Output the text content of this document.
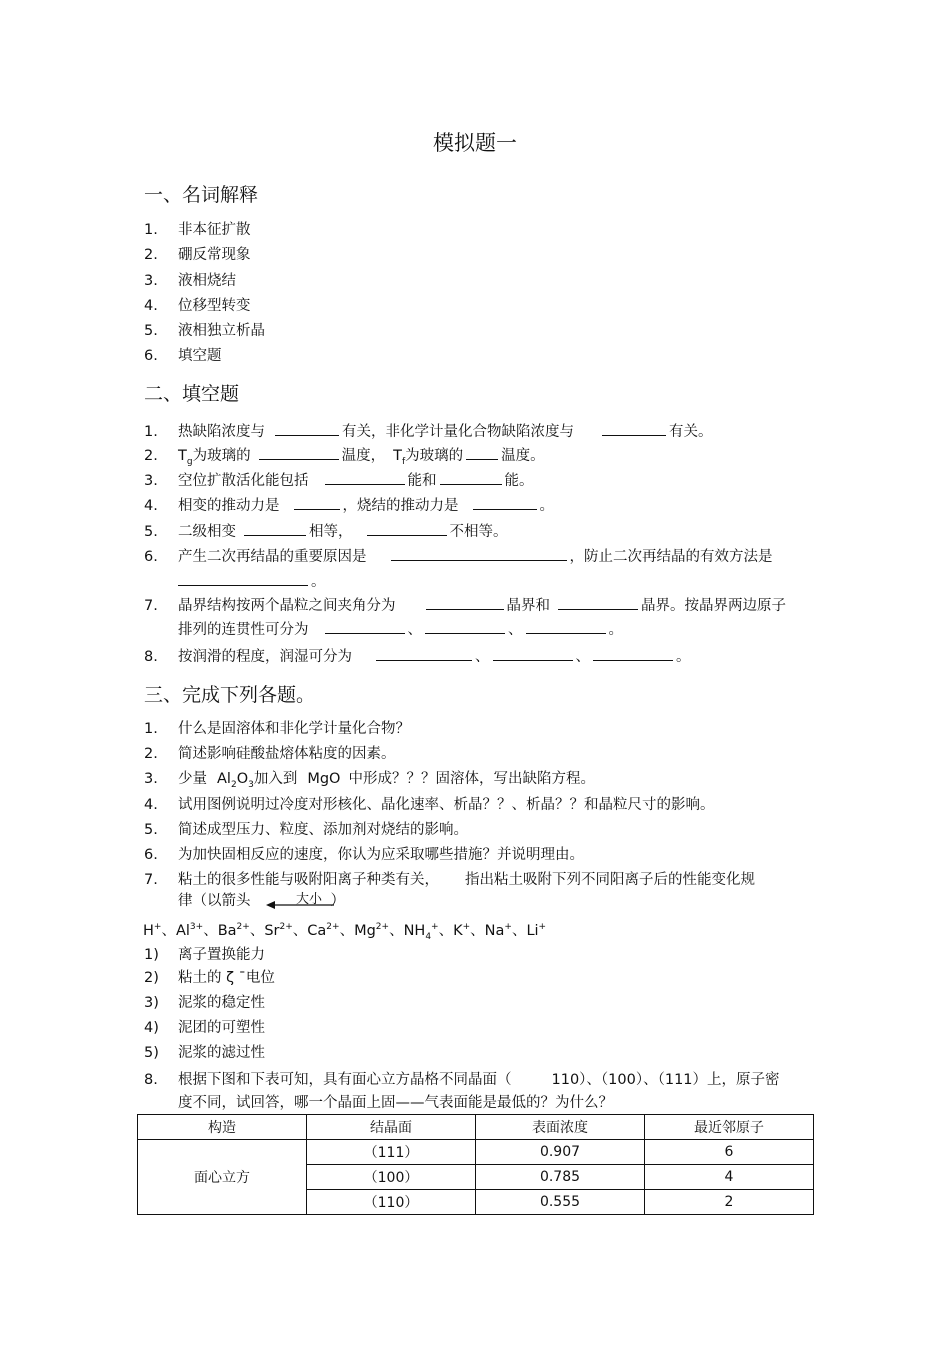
模拟题一
一、名词解释
1. 非本征扩散
2. 硼反常现象
3. 液相烧结
4. 位移型转变
5. 液相独立析晶
6. 填空题
二、填空题
1. 热缺陷浓度与	有关，非化学计量化合物缺陷浓度与	有关。
2. $T_g$为玻璃的	温度， $T_f$为玻璃的	温度。
3. 空位扩散活化能包括	能和	能。
4. 相变的推动力是	，烧结的推动力是	。
5. 二级相变	相等，	不相等。
6. 产生二次再结晶的重要原因是	，防止二次再结晶的有效方法是
。
7. 晶界结构按两个晶粒之间夹角分为	晶界和	晶界。按晶界两边原子
排列的连贯性可分为	、	、	。
8. 按润滑的程度，润湿可分为	、	、	。
三、完成下列各题。
1. 什么是固溶体和非化学计量化合物？
2. 简述影响硅酸盐熔体粘度的因素。
3. 少量 $Al_2O_3$加入到 MgO 中形成？？？固溶体，写出缺陷方程。
4. 试用图例说明过冷度对形核化、晶化速率、析晶？？、析晶？？和晶粒尺寸的影响。
5. 简述成型压力、粒度、添加剂对烧结的影响。
6. 为加快固相反应的速度，你认为应采取哪些措施？并说明理由。
7. 粘土的很多性能与吸附阳离子种类有关， 指出粘土吸附下列不同阳离子后的性能变化规
律（以箭头	）
大小
H+、$Al^{3+}$、$Ba^{2+}$、$Sr^{2+}$、$Ca^{2+}$、$Mg^{2+}$、$NH_4^+$、K+、Na+、Li+
1) 离子置换能力
2) 粘土的 ζ ¯电位
3) 泥浆的稳定性
4) 泥团的可塑性
5) 泥浆的滤过性
8. 根据下图和下表可知，具有面心立方晶格不同晶面（	110）、（100）、（111）上，原子密
度不同，试回答，哪一个晶面上固——气表面能是最低的？为什么？
构造	结晶面	表面浓度	最近邻原子
面心立方	（111）	0.907	6
	（100）	0.785	4
	（110）	0.555	2
